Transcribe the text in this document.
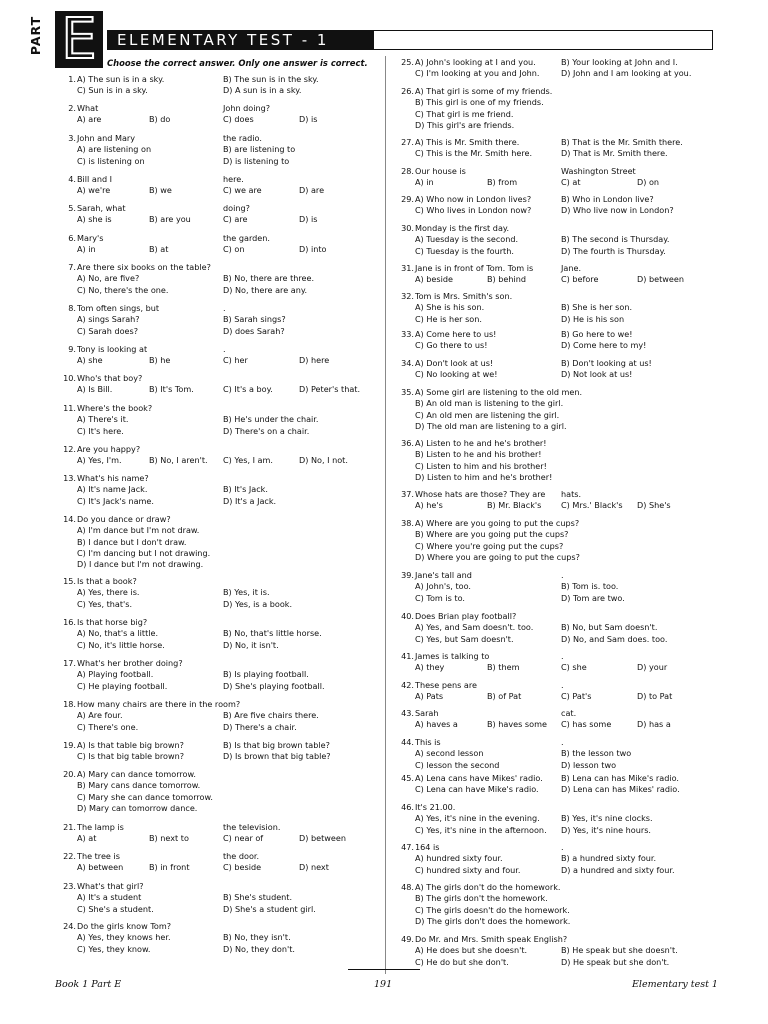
PART E	ELEMENTARY TEST - 1
Choose the correct answer. Only one answer is correct.
1. A) The sun is in a sky.	B) The sun is in the sky.
C) Sun is in a sky.	D) A sun is in a sky.
2. What	John doing?
A) are	B) do	C) does	D) is
3. John and Mary	the radio.
A) are listening on	B) are listening to
C) is listening on	D) is listening to
4. Bill and I	here.
A) we're	B) we	C) we are	D) are
5. Sarah, what	doing?
A) she is	B) are you	C) are	D) is
6. Mary's	the garden.
A) in	B) at	C) on	D) into
7. Are there six books on the table?
A) No, are five?	B) No, there are three.
C) No, there's the one.	D) No, there are any.
8. Tom often sings, but	.
A) sings Sarah?	B) Sarah sings?
C) Sarah does?	D) does Sarah?
9. Tony is looking at	.
A) she	B) he	C) her	D) here
10. Who's that boy?
A) Is Bill.	B) It's Tom.	C) It's a boy.	D) Peter's that.
11. Where's the book?
A) There's it.	B) He's under the chair.
C) It's here.	D) There's on a chair.
12. Are you happy?
A) Yes, I'm.	B) No, I aren't. C) Yes, I am.	D) No, I not.
13. What's his name?
A) It's name Jack.	B) It's Jack.
C) It's Jack's name.	D) It's a Jack.
14. Do you dance or draw?
A) I'm dance but I'm not draw.
B) I dance but I don't draw.
C) I'm dancing but I not drawing.
D) I dance but I'm not drawing.
15. Is that a book?
A) Yes, there is.	B) Yes, it is.
C) Yes, that's.	D) Yes, is a book.
16. Is that horse big?
A) No, that's a little.	B) No, that's little horse.
C) No, it's little horse.	D) No, it isn't.
17. What's her brother doing?
A) Playing football.	B) Is playing football.
C) He playing football.	D) She's playing football.
18. How many chairs are there in the room?
A) Are four.	B) Are five chairs there.
C) There's one.	D) There's a chair.
19. A) Is that table big brown?	B) Is that big brown table?
C) Is that big table brown?	D) Is brown that big table?
20. A) Mary can dance tomorrow.
B) Mary cans dance tomorrow.
C) Mary she can dance tomorrow.
D) Mary can tomorrow dance.
21. The lamp is	the television.
A) at	B) next to	C) near of	D) between
22. The tree is	the door.
A) between	B) in front	C) beside	D) next
23. What's that girl?
A) It's a student	B) She's student.
C) She's a student.	D) She's a student girl.
24. Do the girls know Tom?
A) Yes, they knows her.	B) No, they isn't.
C) Yes, they know.	D) No, they don't.
25. A) John's looking at I and you.	B) Your looking at John and I.
C) I'm looking at you and John.	D) John and I am looking at you.
26. A) That girl is some of my friends.
B) This girl is one of my friends.
C) That girl is me friend.
D) This girl's are friends.
27. A) This is Mr. Smith there.	B) That is the Mr. Smith there.
C) This is the Mr. Smith here.	D) That is Mr. Smith there.
28. Our house is	Washington Street
A) in	B) from	C) at	D) on
29. A) Who now in London lives?	B) Who in London live?
C) Who lives in London now?	D) Who live now in London?
30. Monday is the first day.
A) Tuesday is the second.	B) The second is Thursday.
C) Tuesday is the fourth.	D) The fourth is Thursday.
31. Jane is in front of Tom. Tom is	Jane.
A) beside	B) behind	C) before	D) between
32. Tom is Mrs. Smith's son.
A) She is his son.	B) She is her son.
C) He is her son.	D) He is his son
33. A) Come here to us!	B) Go here to we!
C) Go there to us!	D) Come here to my!
34. A) Don't look at us!	B) Don't looking at us!
C) No looking at we!	D) Not look at us!
35. A) Some girl are listening to the old men.
B) An old man is listening to the girl.
C) An old men are listening the girl.
D) The old man are listening to a girl.
36. A) Listen to he and he's brother!
B) Listen to he and his brother!
C) Listen to him and his brother!
D) Listen to him and he's brother!
37. Whose hats are those? They are hats.
A) he's	B) Mr. Black's C) Mrs.' Black's D) She's
38. A) Where are you going to put the cups?
B) Where are you going put the cups?
C) Where you're going put the cups?
D) Where you are going to put the cups?
39. Jane's tall and	.
A) John's, too.	B) Tom is. too.
C) Tom is to.	D) Tom are two.
40. Does Brian play football?
A) Yes, and Sam doesn't. too.	B) No, but Sam doesn't.
C) Yes, but Sam doesn't.	D) No, and Sam does. too.
41. James is talking to	.
A) they	B) them	C) she	D) your
42. These pens are	.
A) Pats	B) of Pat	C) Pat's	D) to Pat
43. Sarah	cat.
A) haves a	B) haves some C) has some	D) has a
44. This is	.
A) second lesson	B) the lesson two
C) lesson the second	D) lesson two
45. A) Lena cans have Mikes' radio. B) Lena can has Mike's radio.
C) Lena can have Mike's radio.	D) Lena can has Mikes' radio.
46. It's 21.00.
A) Yes, it's nine in the evening.	B) Yes, it's nine clocks.
C) Yes, it's nine in the afternoon. D) Yes, it's nine hours.
47. 164 is	.
A) hundred sixty four.	B) a hundred sixty four.
C) hundred sixty and four.	D) a hundred and sixty four.
48. A) The girls don't do the homework.
B) The girls don't the homework.
C) The girls doesn't do the homework.
D) The girls don't does the homework.
49. Do Mr. and Mrs. Smith speak English?
A) He does but she doesn't.	B) He speak but she doesn't.
C) He do but she don't.	D) He speak but she don't.
Book 1 Part E	191	Elementary test 1
